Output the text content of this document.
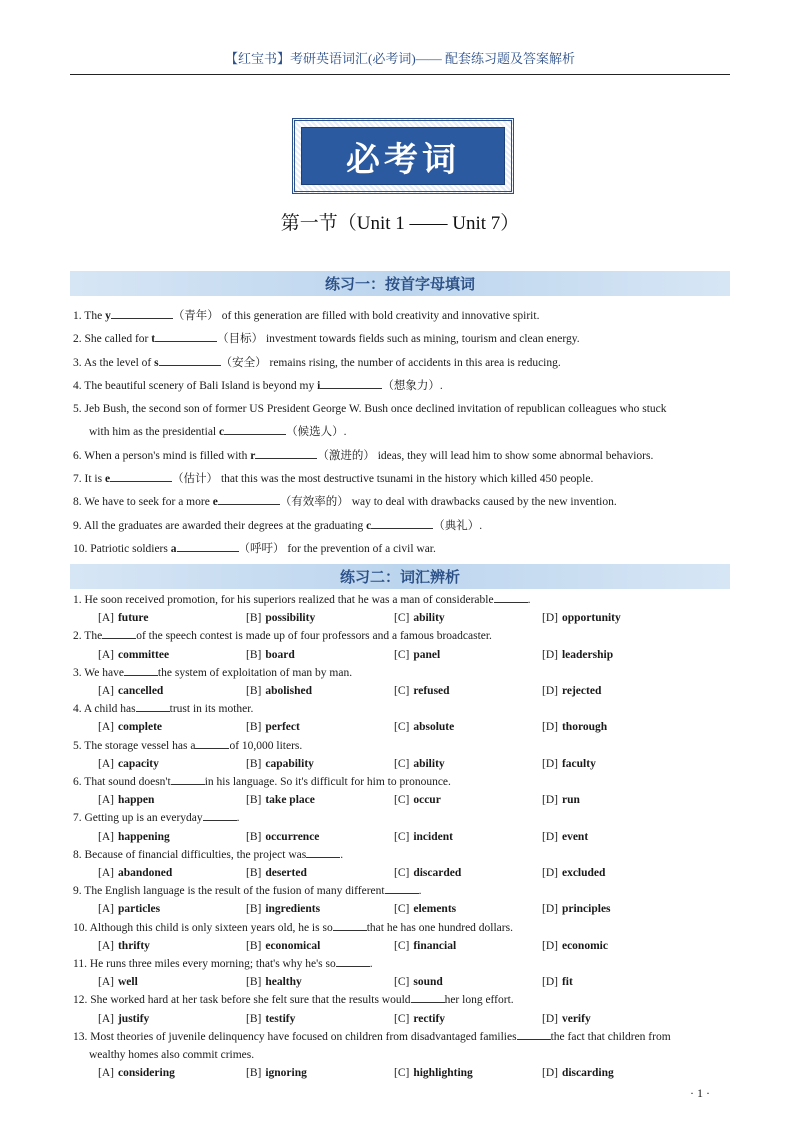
【红宝书】考研英语词汇(必考词)—— 配套练习题及答案解析
必考词
第一节（Unit 1 —— Unit 7）
练习一：按首字母填词
1. The y	（青年） of this generation are filled with bold creativity and innovative spirit.
2. She called for t	（目标） investment towards fields such as mining, tourism and clean energy.
3. As the level of s	（安全） remains rising, the number of accidents in this area is reducing.
4. The beautiful scenery of Bali Island is beyond my i	（想象力）.
5. Jeb Bush, the second son of former US President George W. Bush once declined invitation of republican colleagues who stuck
with him as the presidential c	（候选人）.
6. When a person's mind is filled with r	（激进的） ideas, they will lead him to show some abnormal behaviors.
7. It is e	（估计） that this was the most destructive tsunami in the history which killed 450 people.
8. We have to seek for a more e	（有效率的） way to deal with drawbacks caused by the new invention.
9. All the graduates are awarded their degrees at the graduating c	（典礼）.
10. Patriotic soldiers a	（呼吁） for the prevention of a civil war.
练习二：词汇辨析
1. He soon received promotion, for his superiors realized that he was a man of considerable	.
[A] future	[B] possibility	[C] ability	[D] opportunity
2. The	of the speech contest is made up of four professors and a famous broadcaster.
[A] committee	[B] board	[C] panel	[D] leadership
3. We have	the system of exploitation of man by man.
[A] cancelled	[B] abolished	[C] refused	[D] rejected
4. A child has	trust in its mother.
[A] complete	[B] perfect	[C] absolute	[D] thorough
5. The storage vessel has a	of 10,000 liters.
[A] capacity	[B] capability	[C] ability	[D] faculty
6. That sound doesn't	in his language. So it's difficult for him to pronounce.
[A] happen	[B] take place	[C] occur	[D] run
7. Getting up is an everyday	.
[A] happening	[B] occurrence	[C] incident	[D] event
8. Because of financial difficulties, the project was	.
[A] abandoned	[B] deserted	[C] discarded	[D] excluded
9. The English language is the result of the fusion of many different	.
[A] particles	[B] ingredients	[C] elements	[D] principles
10. Although this child is only sixteen years old, he is so	that he has one hundred dollars.
[A] thrifty	[B] economical	[C] financial	[D] economic
11. He runs three miles every morning; that's why he's so	.
[A] well	[B] healthy	[C] sound	[D] fit
12. She worked hard at her task before she felt sure that the results would	her long effort.
[A] justify	[B] testify	[C] rectify	[D] verify
13. Most theories of juvenile delinquency have focused on children from disadvantaged families	the fact that children from
wealthy homes also commit crimes.
[A] considering	[B] ignoring	[C] highlighting	[D] discarding
· 1 ·
